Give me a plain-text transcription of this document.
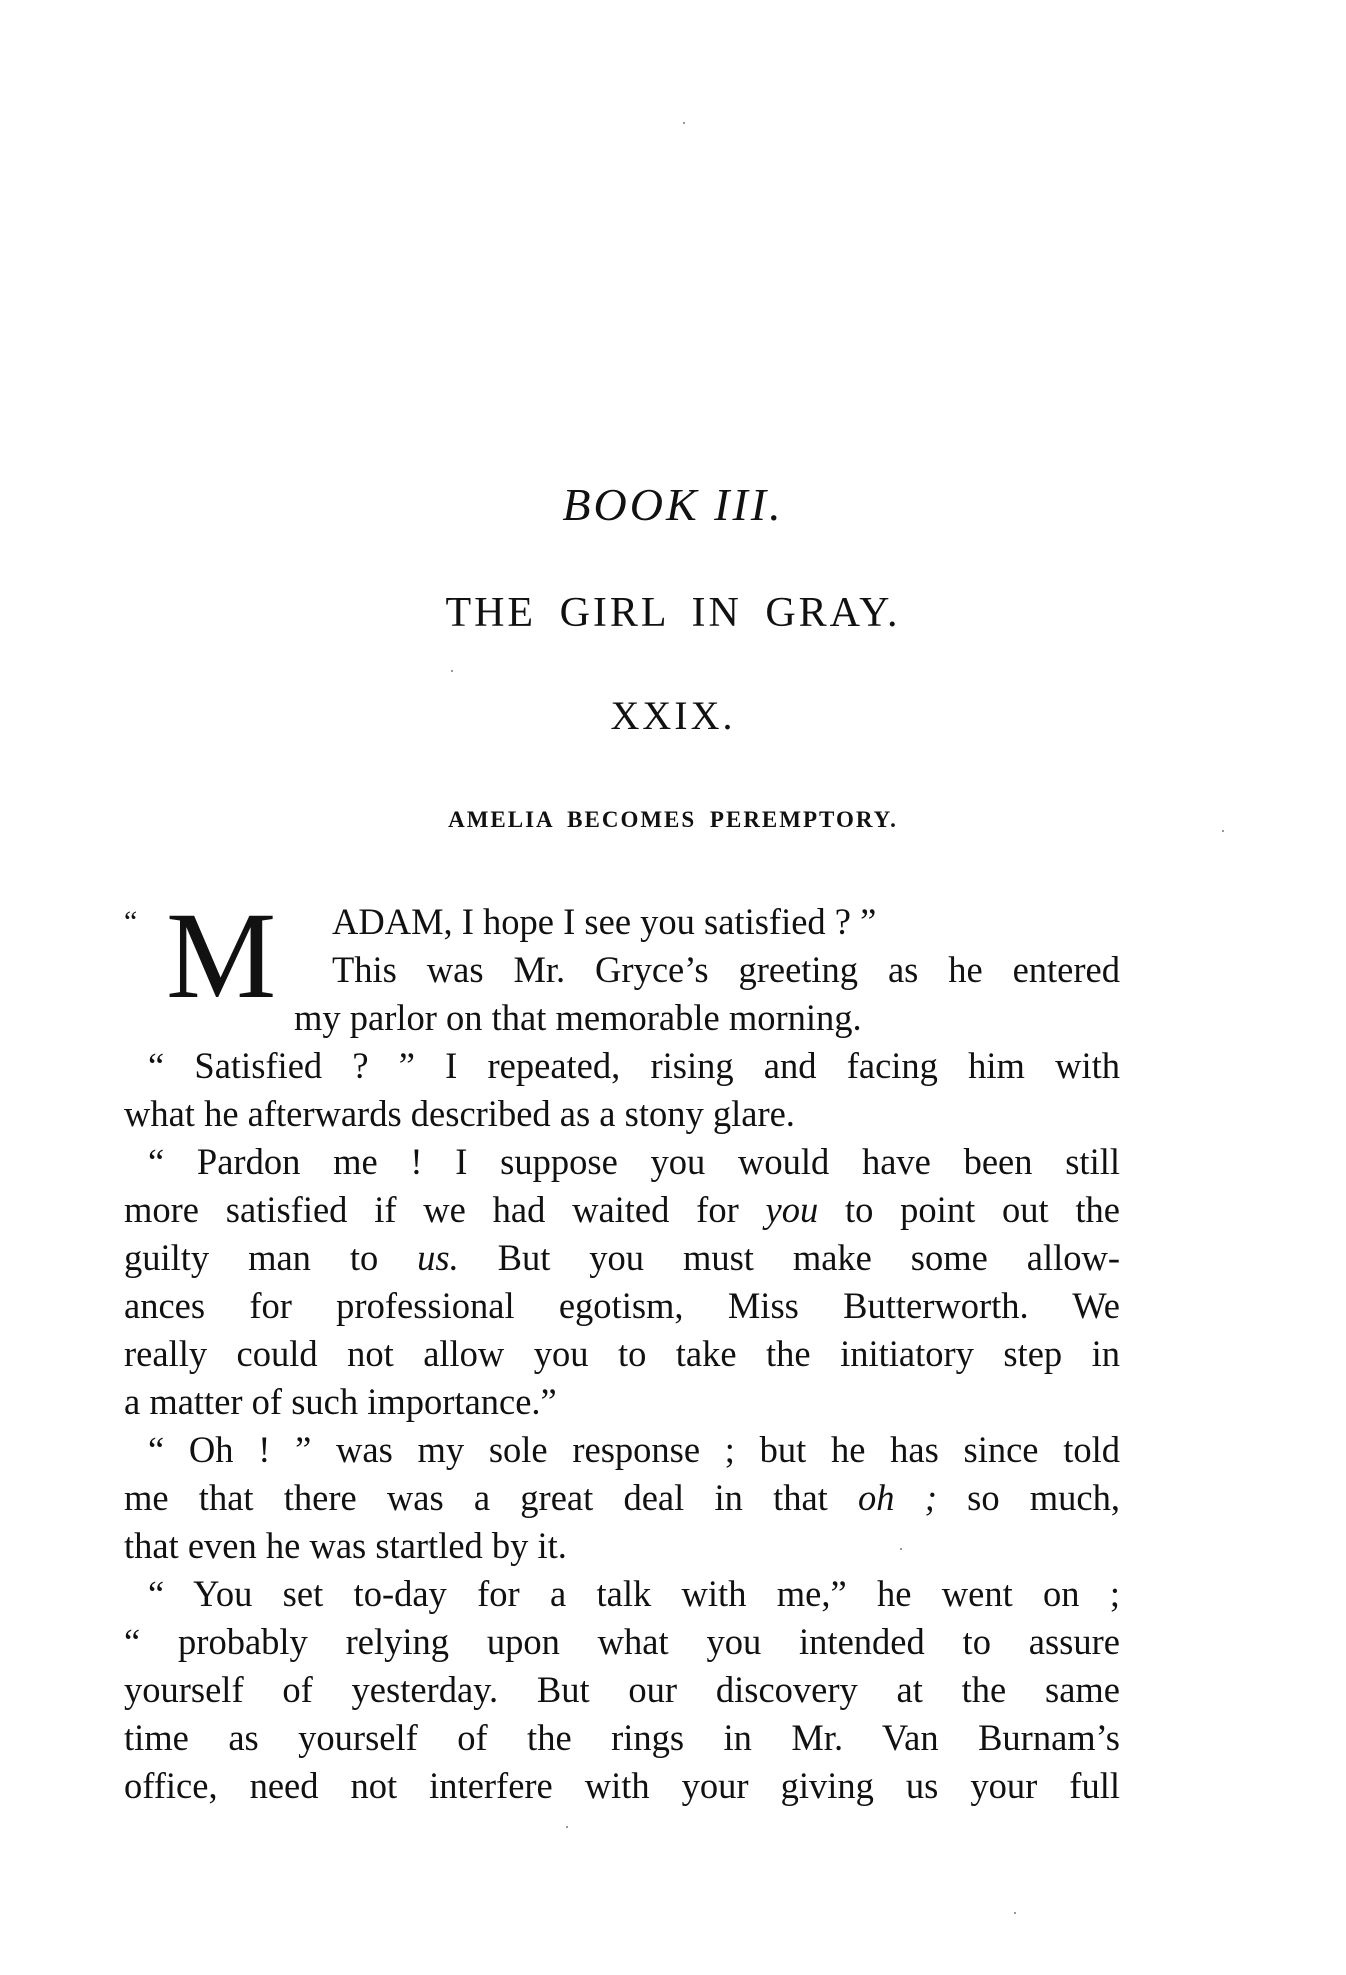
BOOK III.
THE GIRL IN GRAY.
XXIX.
AMELIA BECOMES PEREMPTORY.
“ M	ADAM, I hope I see you satisfied ? ”
This was Mr. Gryce’s greeting as he entered
my parlor on that memorable morning.
“ Satisfied ? ” I repeated, rising and facing him with
what he afterwards described as a stony glare.
“ Pardon me ! I suppose you would have been still
more satisfied if we had waited for you to point out the
guilty man to us. But you must make some allow-
ances for professional egotism, Miss Butterworth. We
really could not allow you to take the initiatory step in
a matter of such importance.”
“ Oh ! ” was my sole response ; but he has since told
me that there was a great deal in that oh ; so much,
that even he was startled by it.
“ You set to-day for a talk with me,” he went on ;
“ probably relying upon what you intended to assure
yourself of yesterday. But our discovery at the same
time as yourself of the rings in Mr. Van Burnam’s
office, need not interfere with your giving us your full
